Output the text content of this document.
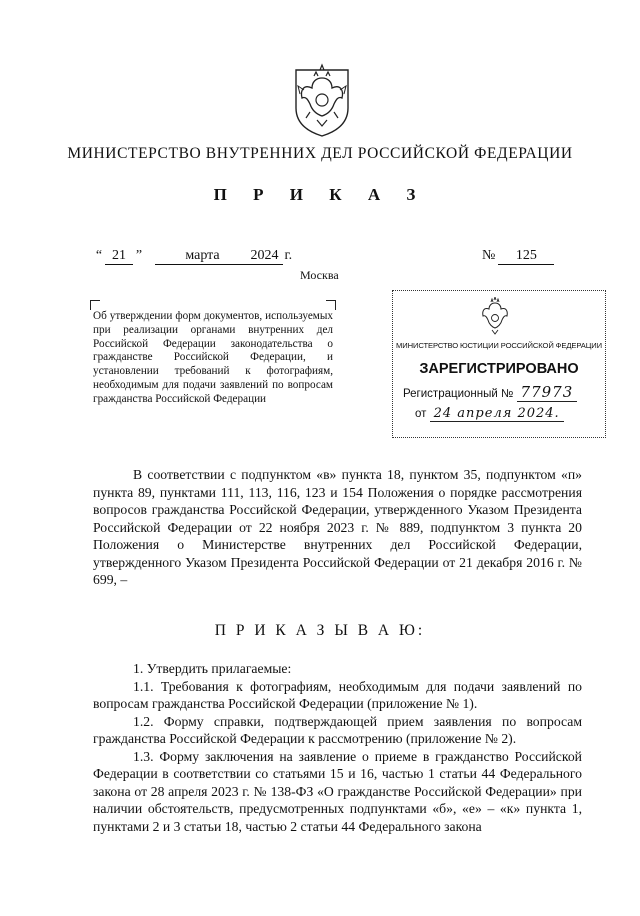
МИНИСТЕРСТВО ВНУТРЕННИХ ДЕЛ РОССИЙСКОЙ ФЕДЕРАЦИИ
П Р И К А З
“ 21 ”	марта 2024 г.	№ 125
Москва
Об утверждении форм документов, используемых при реализации органами внутренних дел Российской Федерации законодательства о гражданстве Российской Федерации, и установлении требований к фотографиям, необходимым для подачи заявлений по вопросам гражданства Российской Федерации
МИНИСТЕРСТВО ЮСТИЦИИ РОССИЙСКОЙ ФЕДЕРАЦИИ
ЗАРЕГИСТРИРОВАНО
Регистрационный № 77973
от 24 апреля 2024.

В соответствии с подпунктом «в» пункта 18, пунктом 35, подпунктом «п» пункта 89, пунктами 111, 113, 116, 123 и 154 Положения о порядке рассмотрения вопросов гражданства Российской Федерации, утвержденного Указом Президента Российской Федерации от 22 ноября 2023 г. № 889, подпунктом 3 пункта 20 Положения о Министерстве внутренних дел Российской Федерации, утвержденного Указом Президента Российской Федерации от 21 декабря 2016 г. № 699, –

П Р И К А З Ы В А Ю:

1. Утвердить прилагаемые:

1.1. Требования к фотографиям, необходимым для подачи заявлений по вопросам гражданства Российской Федерации (приложение № 1).

1.2. Форму справки, подтверждающей прием заявления по вопросам гражданства Российской Федерации к рассмотрению (приложение № 2).

1.3. Форму заключения на заявление о приеме в гражданство Российской Федерации в соответствии со статьями 15 и 16, частью 1 статьи 44 Федерального закона от 28 апреля 2023 г. № 138-ФЗ «О гражданстве Российской Федерации» при наличии обстоятельств, предусмотренных подпунктами «б», «е» – «к» пункта 1, пунктами 2 и 3 статьи 18, частью 2 статьи 44 Федерального закона
